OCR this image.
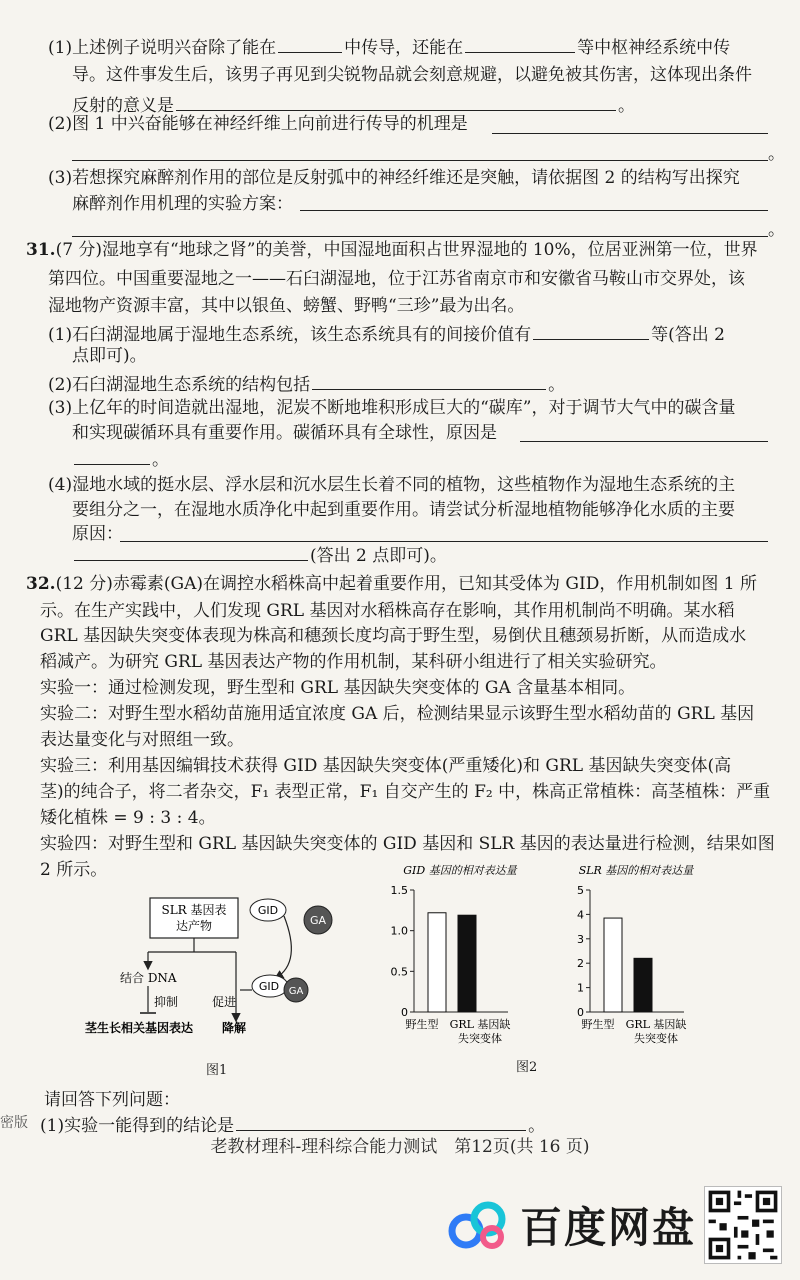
(1)上述例子说明兴奋除了能在	中传导，还能在	等中枢神经系统中传
导。这件事发生后，该男子再见到尖锐物品就会刻意规避，以避免被其伤害，这体现出条件
反射的意义是	。
(2)图 1 中兴奋能够在神经纤维上向前进行传导的机理是
。
(3)若想探究麻醉剂作用的部位是反射弧中的神经纤维还是突触，请依据图 2 的结构写出探究
麻醉剂作用机理的实验方案：
。
31.(7 分)湿地享有“地球之肾”的美誉，中国湿地面积占世界湿地的 10%，位居亚洲第一位，世界
第四位。中国重要湿地之一——石臼湖湿地，位于江苏省南京市和安徽省马鞍山市交界处，该
湿地物产资源丰富，其中以银鱼、螃蟹、野鸭“三珍”最为出名。
(1)石臼湖湿地属于湿地生态系统，该生态系统具有的间接价值有	等(答出 2
点即可)。
(2)石臼湖湿地生态系统的结构包括	。
(3)上亿年的时间造就出湿地，泥炭不断地堆积形成巨大的“碳库”，对于调节大气中的碳含量
和实现碳循环具有重要作用。碳循环具有全球性，原因是
。
(4)湿地水域的挺水层、浮水层和沉水层生长着不同的植物，这些植物作为湿地生态系统的主
要组分之一，在湿地水质净化中起到重要作用。请尝试分析湿地植物能够净化水质的主要
原因：
(答出 2 点即可)。
32.(12 分)赤霉素(GA)在调控水稻株高中起着重要作用，已知其受体为 GID，作用机制如图 1 所
示。在生产实践中，人们发现 GRL 基因对水稻株高存在影响，其作用机制尚不明确。某水稻
GRL 基因缺失突变体表现为株高和穗颈长度均高于野生型，易倒伏且穗颈易折断，从而造成水
稻减产。为研究 GRL 基因表达产物的作用机制，某科研小组进行了相关实验研究。
实验一：通过检测发现，野生型和 GRL 基因缺失突变体的 GA 含量基本相同。
实验二：对野生型水稻幼苗施用适宜浓度 GA 后，检测结果显示该野生型水稻幼苗的 GRL 基因
表达量变化与对照组一致。
实验三：利用基因编辑技术获得 GID 基因缺失突变体(严重矮化)和 GRL 基因缺失突变体(高
茎)的纯合子，将二者杂交，F₁ 表型正常，F₁ 自交产生的 F₂ 中，株高正常植株：高茎植株：严重
矮化植株 = 9 : 3 : 4。
实验四：对野生型和 GRL 基因缺失突变体的 GID 基因和 SLR 基因的表达量进行检测，结果如图
2 所示。
SLR 基因表
达产物
GID
GA
GID GA
结合 DNA
抑制	促进
茎生长相关基因表达 降解
图1
GID 基因的相对表达量
0
0.5
1.0
1.5
野生型 GRL 基因缺
失突变体
SLR 基因的相对表达量
0
1
2
3
4
5
野生型 GRL 基因缺
失突变体
图2
请回答下列问题：
(1)实验一能得到的结论是	。
密版
老教材理科-理科综合能力测试　第12页(共 16 页)
百度网盘
